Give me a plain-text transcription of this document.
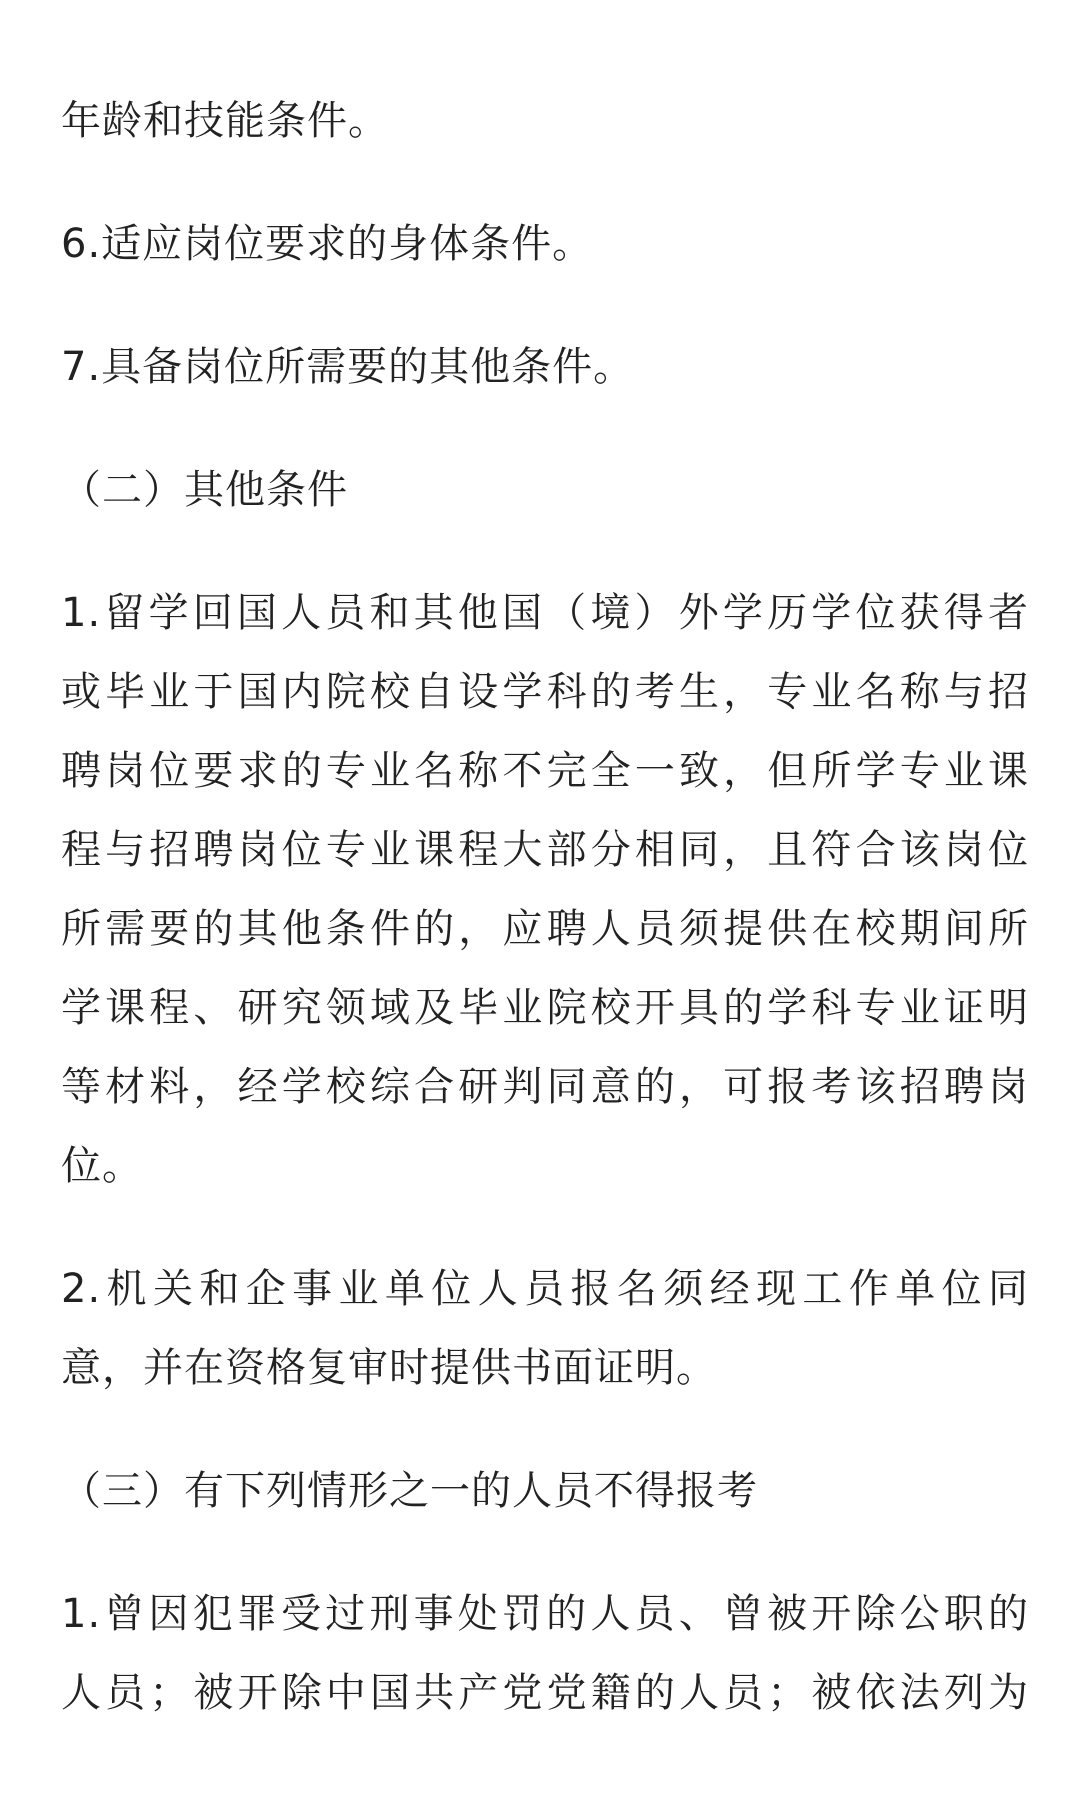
年龄和技能条件。

6.适应岗位要求的身体条件。

7.具备岗位所需要的其他条件。

（二）其他条件

1.留学回国人员和其他国（境）外学历学位获得者
或毕业于国内院校自设学科的考生，专业名称与招
聘岗位要求的专业名称不完全一致，但所学专业课
程与招聘岗位专业课程大部分相同，且符合该岗位
所需要的其他条件的，应聘人员须提供在校期间所
学课程、研究领域及毕业院校开具的学科专业证明
等材料，经学校综合研判同意的，可报考该招聘岗
位。

2.机关和企事业单位人员报名须经现工作单位同
意，并在资格复审时提供书面证明。

（三）有下列情形之一的人员不得报考

1.曾因犯罪受过刑事处罚的人员、曾被开除公职的
人员；被开除中国共产党党籍的人员；被依法列为
